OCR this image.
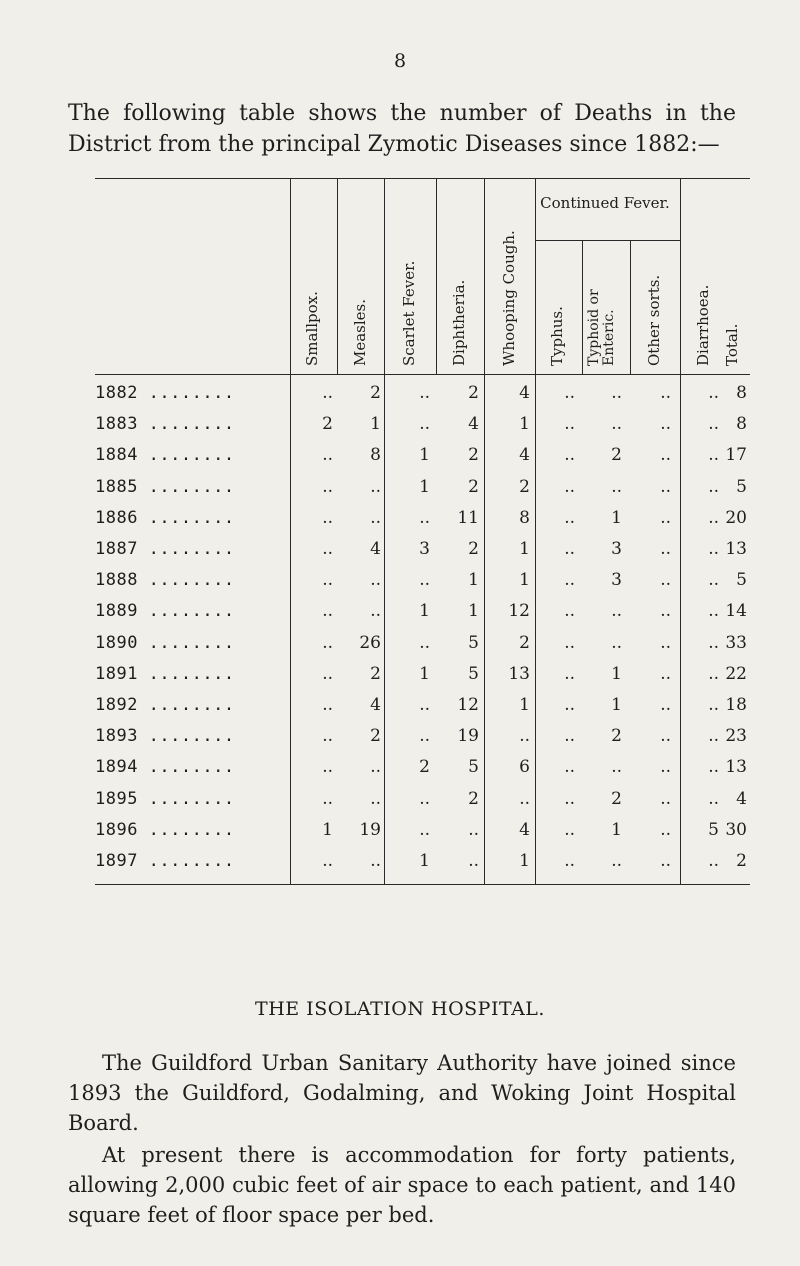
8
The following table shows the number of Deaths in the District from the principal Zymotic Diseases since 1882:—
Smallpox. Measles. Scarlet Fever. Diphtheria. Whooping Cough.
Continued Fever.
Typhus. Typhoid or Enteric. Other sorts. Diarrhoea. Total.
1882 ........	..	2	..	2	4	..	..	..	..	8
1883 ........	2	1	..	4	1	..	..	..	..	8
1884 ........	..	8	1	2	4	..	2	..	.. 17
1885 ........	..	..	1	2	2	..	..	..	..	5
1886 ........	..	..	..	11	8	..	1	..	.. 20
1887 ........	..	4	3	2	1	..	3	..	.. 13
1888 ........	..	..	..	1	1	..	3	..	..	5
1889 ........	..	..	1	1	12	..	..	..	.. 14
1890 ........	..	26	..	5	2	..	..	..	.. 33
1891 ........	..	2	1	5	13	..	1	..	.. 22
1892 ........	..	4	..	12	1	..	1	..	.. 18
1893 ........	..	2	..	19	..	..	2	..	.. 23
1894 ........	..	..	2	5	6	..	..	..	.. 13
1895 ........	..	..	..	2	..	..	2	..	..	4
1896 ........	1	19	..	..	4	..	1	..	5 30
1897 ........	..	..	1	..	1	..	..	..	..	2
THE ISOLATION HOSPITAL.
The Guildford Urban Sanitary Authority have joined since 1893 the Guildford, Godalming, and Woking Joint Hospital Board.
At present there is accommodation for forty patients, allowing 2,000 cubic feet of air space to each patient, and 140 square feet of floor space per bed.
